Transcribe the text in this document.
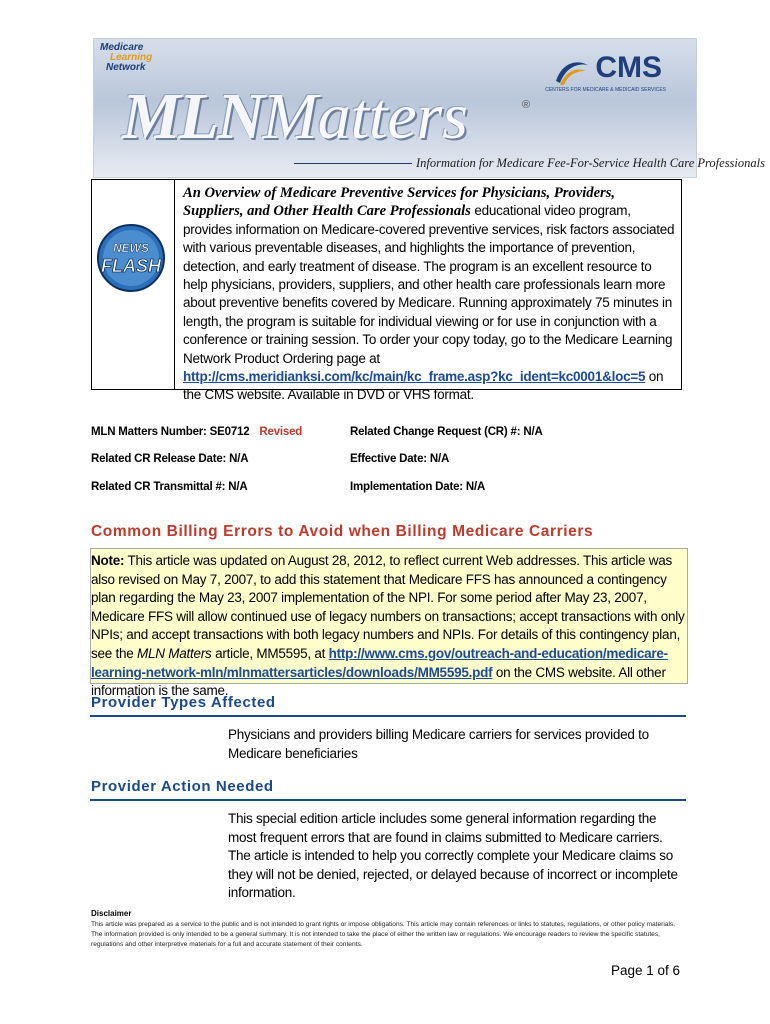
Medicare
Learning
Network
MLNMatters	®
CMS
CENTERS FOR MEDICARE & MEDICAID SERVICES
Information for Medicare Fee-For-Service Health Care Professionals
NEWS
FLASH
An Overview of Medicare Preventive Services for Physicians, Providers, Suppliers, and Other Health Care Professionals educational video program, provides information on Medicare-covered preventive services, risk factors associated with various preventable diseases, and highlights the importance of prevention, detection, and early treatment of disease. The program is an excellent resource to help physicians, providers, suppliers, and other health care professionals learn more about preventive benefits covered by Medicare. Running approximately 75 minutes in length, the program is suitable for individual viewing or for use in conjunction with a conference or training session. To order your copy today, go to the Medicare Learning Network Product Ordering page at http://cms.meridianksi.com/kc/main/kc_frame.asp?kc_ident=kc0001&loc=5 on the CMS website. Available in DVD or VHS format.
MLN Matters Number: SE0712 Revised	Related Change Request (CR) #: N/A
Related CR Release Date: N/A	Effective Date: N/A
Related CR Transmittal #: N/A	Implementation Date: N/A
Common Billing Errors to Avoid when Billing Medicare Carriers
Note: This article was updated on August 28, 2012, to reflect current Web addresses. This article was also revised on May 7, 2007, to add this statement that Medicare FFS has announced a contingency plan regarding the May 23, 2007 implementation of the NPI. For some period after May 23, 2007, Medicare FFS will allow continued use of legacy numbers on transactions; accept transactions with only NPIs; and accept transactions with both legacy numbers and NPIs. For details of this contingency plan, see the MLN Matters article, MM5595, at http://www.cms.gov/outreach-and-education/medicare-learning-network-mln/mlnmattersarticles/downloads/MM5595.pdf on the CMS website. All other information is the same.
Provider Types Affected
Physicians and providers billing Medicare carriers for services provided to Medicare beneficiaries
Provider Action Needed
This special edition article includes some general information regarding the most frequent errors that are found in claims submitted to Medicare carriers. The article is intended to help you correctly complete your Medicare claims so they will not be denied, rejected, or delayed because of incorrect or incomplete information.
Disclaimer
This article was prepared as a service to the public and is not intended to grant rights or impose obligations. This article may contain references or links to statutes, regulations, or other policy materials. The information provided is only intended to be a general summary. It is not intended to take the place of either the written law or regulations. We encourage readers to review the specific statutes, regulations and other interpretive materials for a full and accurate statement of their contents.
Page 1 of 6
